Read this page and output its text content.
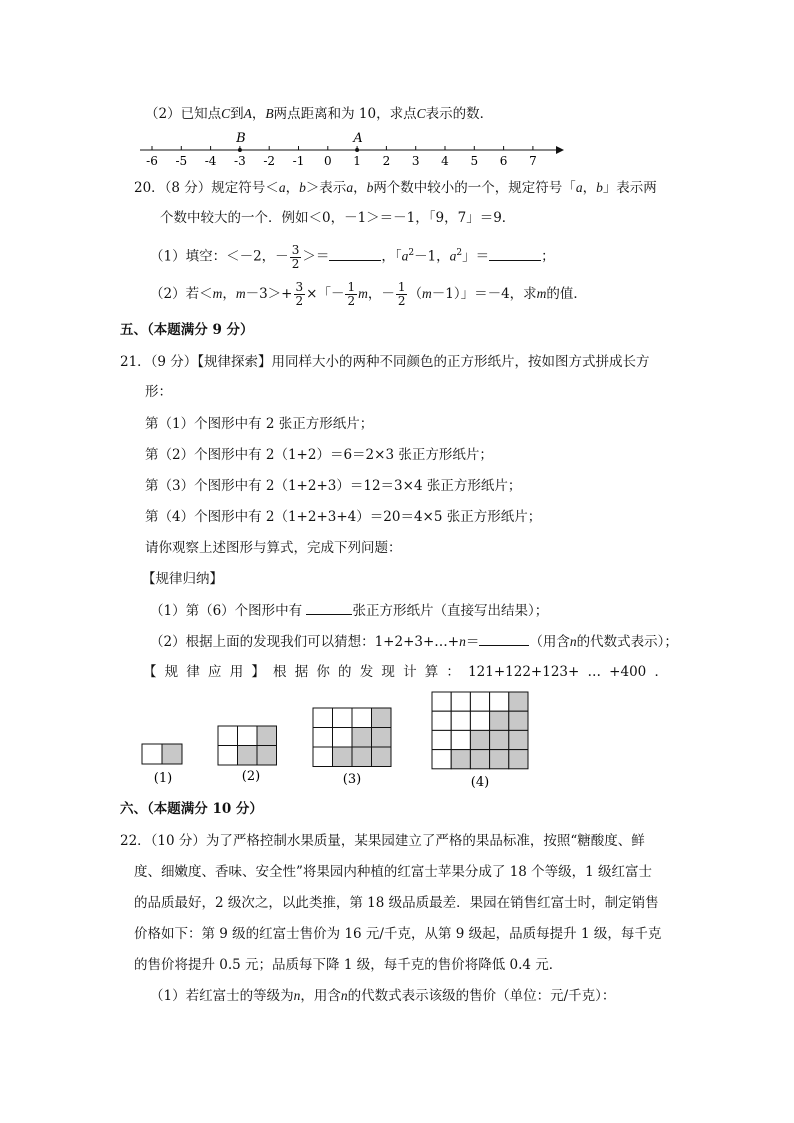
（2）已知点C到A，B两点距离和为 10，求点C表示的数．
-6 -5 -4 -3 -2 -1 0 1 2 3 4 5 6 7
B	A
20．（8 分）规定符号＜a，b＞表示a，b两个数中较小的一个，规定符号「a，b」表示两
个数中较大的一个．例如＜0，－1＞＝－1，「9，7」＝9．
（1）填空：＜－2，－ $\frac{3}{2}$ ＞＝	，「$a^2-1$，$a^2$」＝	；
（2）若＜m，$m-3>+ \frac{3}{2}$ ×「－ $\frac{1}{2}$ m，－ $\frac{1}{2} (m-1)$」＝－4，求m的值．
五、（本题满分 9 分）
21．（9 分）【规律探索】用同样大小的两种不同颜色的正方形纸片，按如图方式拼成长方
形：
第（1）个图形中有 2 张正方形纸片；
第（2）个图形中有 2（1+2）＝6＝2×3 张正方形纸片；
第（3）个图形中有 2（1+2+3）＝12＝3×4 张正方形纸片；
第（4）个图形中有 2（1+2+3+4）＝20＝4×5 张正方形纸片；
请你观察上述图形与算式，完成下列问题：
【规律归纳】
（1）第（6）个图形中有	张正方形纸片（直接写出结果）；
（2）根据上面的发现我们可以猜想：1+2+3+…+n＝	（用含n的代数式表示）；
【 规 律 应 用 】 根 据 你 的 发 现 计 算 ： 121+122+123+ … +400 ．
(1)	(2)	(3)	(4)
六、（本题满分 10 分）
22．（10 分）为了严格控制水果质量，某果园建立了严格的果品标准，按照“糖酸度、鲜
度、细嫩度、香味、安全性”将果园内种植的红富士苹果分成了 18 个等级，1 级红富士
的品质最好，2 级次之，以此类推，第 18 级品质最差．果园在销售红富士时，制定销售
价格如下：第 9 级的红富士售价为 16 元/千克，从第 9 级起，品质每提升 1 级，每千克
的售价将提升 0.5 元；品质每下降 1 级，每千克的售价将降低 0.4 元．
（1）若红富士的等级为n，用含n的代数式表示该级的售价（单位：元/千克）：
